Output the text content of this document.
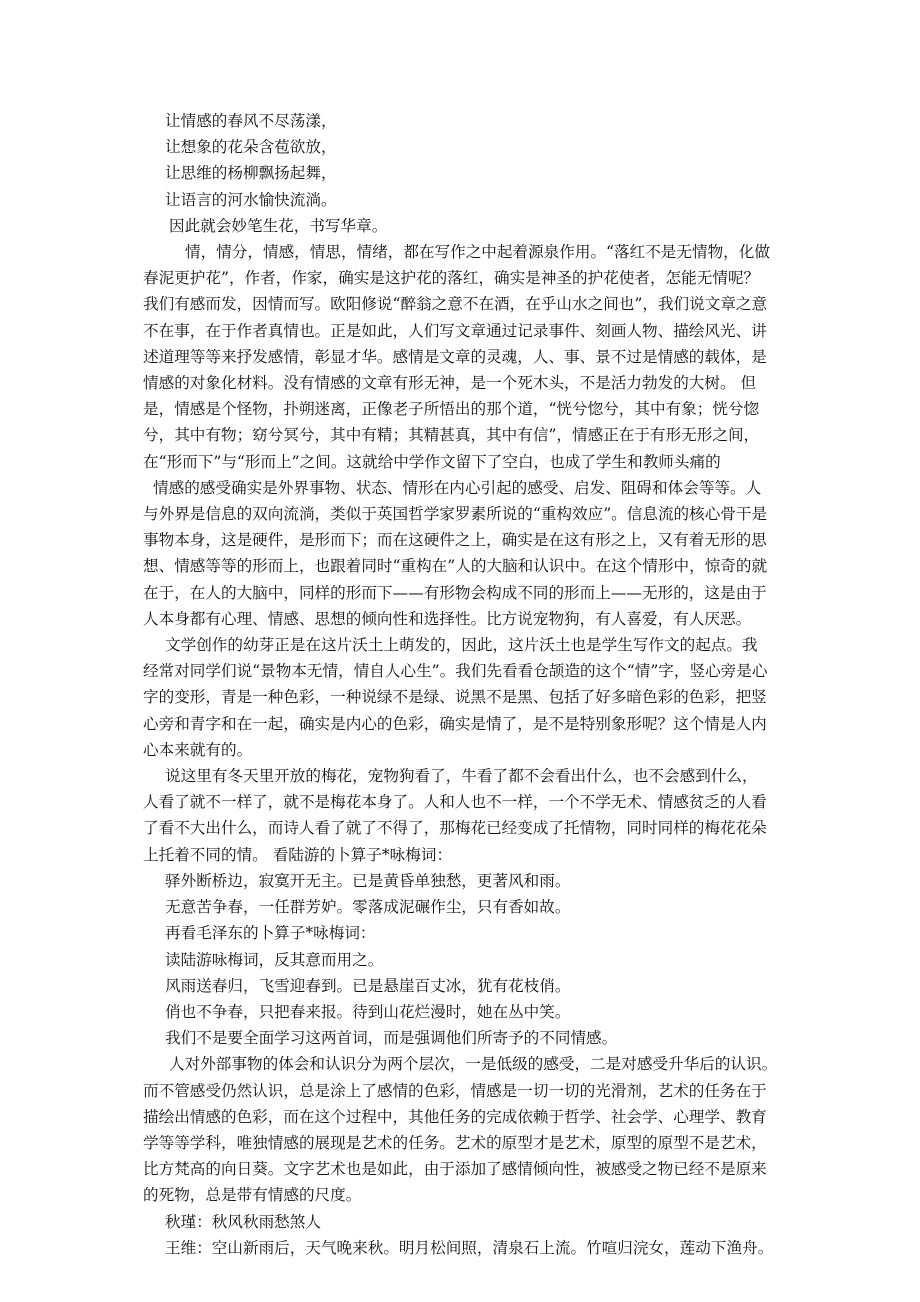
让情感的春风不尽荡漾，

让想象的花朵含苞欲放，

让思维的杨柳飘扬起舞，

让语言的河水愉快流淌。

因此就会妙笔生花，书写华章。

情，情分，情感，情思，情绪，都在写作之中起着源泉作用。“落红不是无情物，化做

春泥更护花”，作者，作家，确实是这护花的落红，确实是神圣的护花使者，怎能无情呢？

我们有感而发，因情而写。欧阳修说“醉翁之意不在酒，在乎山水之间也”，我们说文章之意

不在事，在于作者真情也。正是如此，人们写文章通过记录事件、刻画人物、描绘风光、讲

述道理等等来抒发感情，彰显才华。感情是文章的灵魂，人、事、景不过是情感的载体，是

情感的对象化材料。没有情感的文章有形无神，是一个死木头，不是活力勃发的大树。 但

是，情感是个怪物，扑朔迷离，正像老子所悟出的那个道，“恍兮惚兮，其中有象；恍兮惚

兮，其中有物；窈兮冥兮，其中有精；其精甚真，其中有信”，情感正在于有形无形之间，

在“形而下”与“形而上”之间。这就给中学作文留下了空白，也成了学生和教师头痛的

情感的感受确实是外界事物、状态、情形在内心引起的感受、启发、阻碍和体会等等。人

与外界是信息的双向流淌，类似于英国哲学家罗素所说的“重构效应”。信息流的核心骨干是

事物本身，这是硬件，是形而下；而在这硬件之上，确实是在这有形之上，又有着无形的思

想、情感等等的形而上，也跟着同时“重构在”人的大脑和认识中。在这个情形中，惊奇的就

在于，在人的大脑中，同样的形而下——有形物会构成不同的形而上——无形的，这是由于

人本身都有心理、情感、思想的倾向性和选择性。比方说宠物狗，有人喜爱，有人厌恶。

文学创作的幼芽正是在这片沃土上萌发的，因此，这片沃土也是学生写作文的起点。我

经常对同学们说“景物本无情，情自人心生”。我们先看看仓颉造的这个“情”字，竖心旁是心

字的变形，青是一种色彩，一种说绿不是绿、说黑不是黑、包括了好多暗色彩的色彩，把竖

心旁和青字和在一起，确实是内心的色彩，确实是情了，是不是特别象形呢？这个情是人内

心本来就有的。

说这里有冬天里开放的梅花，宠物狗看了，牛看了都不会看出什么，也不会感到什么，

人看了就不一样了，就不是梅花本身了。人和人也不一样，一个不学无术、情感贫乏的人看

了看不大出什么，而诗人看了就了不得了，那梅花已经变成了托情物，同时同样的梅花花朵

上托着不同的情。 看陆游的卜算子*咏梅词：

驿外断桥边，寂寞开无主。已是黄昏单独愁，更著风和雨。

无意苦争春，一任群芳妒。零落成泥碾作尘，只有香如故。

再看毛泽东的卜算子*咏梅词：

读陆游咏梅词，反其意而用之。

风雨送春归，飞雪迎春到。已是悬崖百丈冰，犹有花枝俏。

俏也不争春，只把春来报。待到山花烂漫时，她在丛中笑。

我们不是要全面学习这两首词，而是强调他们所寄予的不同情感。

人对外部事物的体会和认识分为两个层次，一是低级的感受，二是对感受升华后的认识。

而不管感受仍然认识，总是涂上了感情的色彩，情感是一切一切的光滑剂，艺术的任务在于

描绘出情感的色彩，而在这个过程中，其他任务的完成依赖于哲学、社会学、心理学、教育

学等等学科，唯独情感的展现是艺术的任务。艺术的原型才是艺术，原型的原型不是艺术，

比方梵高的向日葵。文字艺术也是如此，由于添加了感情倾向性，被感受之物已经不是原来

的死物，总是带有情感的尺度。

秋瑾：秋风秋雨愁煞人

王维：空山新雨后，天气晚来秋。明月松间照，清泉石上流。竹喧归浣女，莲动下渔舟。
